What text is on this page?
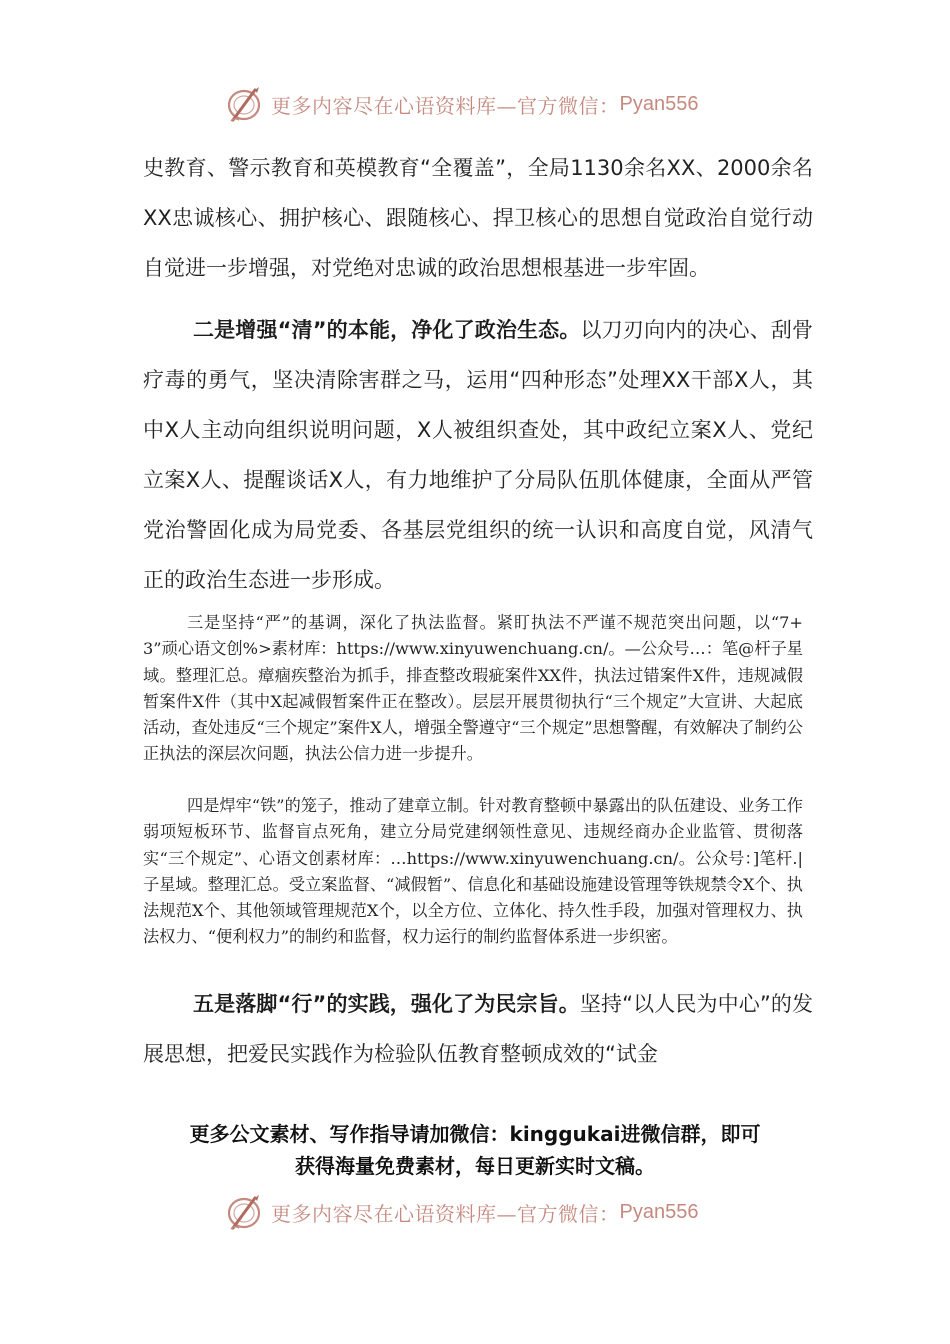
更多内容尽在心语资料库—官方微信： Pyan556

史教育、警示教育和英模教育“全覆盖”，全局1130余名XX、2000余名XX忠诚核心、拥护核心、跟随核心、捍卫核心的思想自觉政治自觉行动自觉进一步增强，对党绝对忠诚的政治思想根基进一步牢固。

二是增强“清”的本能，净化了政治生态。以刀刃向内的决心、刮骨疗毒的勇气，坚决清除害群之马，运用“四种形态”处理XX干部X人，其中X人主动向组织说明问题，X人被组织查处，其中政纪立案X人、党纪立案X人、提醒谈话X人，有力地维护了分局队伍肌体健康，全面从严管党治警固化成为局党委、各基层党组织的统一认识和高度自觉，风清气正的政治生态进一步形成。

三是坚持“严”的基调，深化了执法监督。紧盯执法不严谨不规范突出问题，以“7+3”顽心语文创%>素材库：https://www.xinyuwenchuang.cn/。—公众号…：笔@杆子星域。整理汇总。瘴痼疾整治为抓手，排查整改瑕疵案件XX件，执法过错案件X件，违规减假暂案件X件（其中X起减假暂案件正在整改）。层层开展贯彻执行“三个规定”大宣讲、大起底活动，查处违反“三个规定”案件X人，增强全警遵守“三个规定”思想警醒，有效解决了制约公正执法的深层次问题，执法公信力进一步提升。

四是焊牢“铁”的笼子，推动了建章立制。针对教育整顿中暴露出的队伍建设、业务工作弱项短板环节、监督盲点死角，建立分局党建纲领性意见、违规经商办企业监管、贯彻落实“三个规定”、心语文创素材库：…https://www.xinyuwenchuang.cn/。公众号：]笔杆.|子星域。整理汇总。受立案监督、“减假暂”、信息化和基础设施建设管理等铁规禁令X个、执法规范X个、其他领域管理规范X个，以全方位、立体化、持久性手段，加强对管理权力、执法权力、“便利权力”的制约和监督，权力运行的制约监督体系进一步织密。

五是落脚“行”的实践，强化了为民宗旨。坚持“以人民为中心”的发展思想，把爱民实践作为检验队伍教育整顿成效的“试金

更多公文素材、写作指导请加微信：kinggukai进微信群，即可
获得海量免费素材，每日更新实时文稿。
更多内容尽在心语资料库—官方微信： Pyan556
